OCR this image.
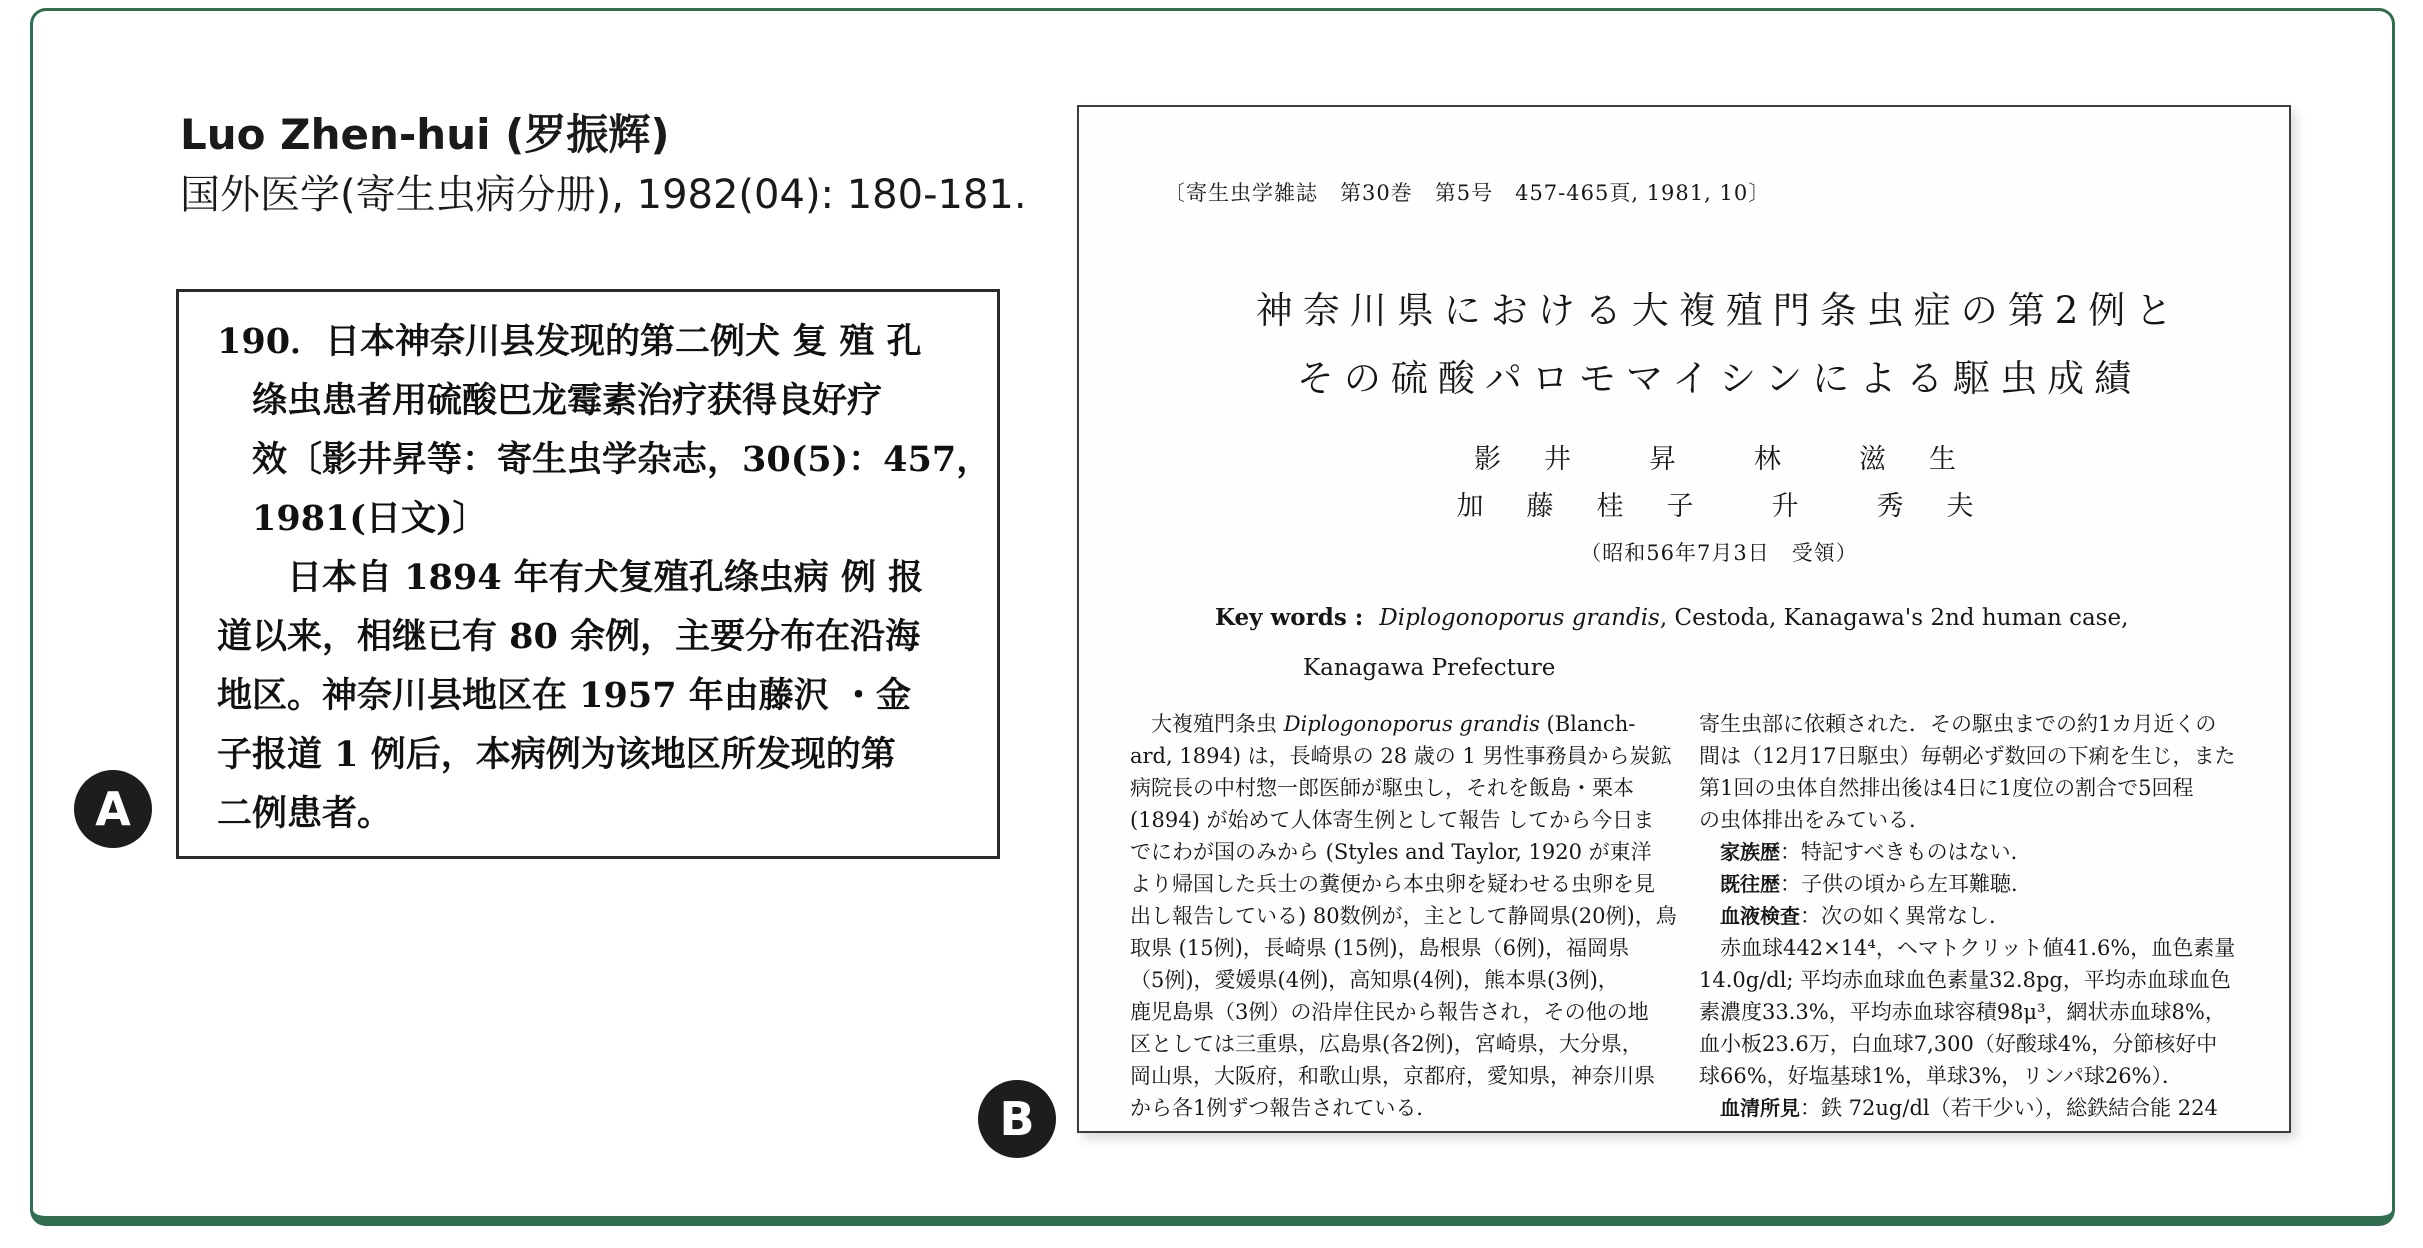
Luo Zhen-hui (罗振辉)
国外医学(寄生虫病分册), 1982(04): 180-181.
190．日本神奈川县发现的第二例犬 复 殖 孔
　绦虫患者用硫酸巴龙霉素治疗获得良好疗
　效〔影井昇等：寄生虫学杂志，30(5)：457，
　1981(日文)〕
　　日本自 1894 年有犬复殖孔绦虫病 例 报
道以来，相继已有 80 余例，主要分布在沿海
地区。神奈川县地区在 1957 年由藤沢 ・金
子报道 1 例后，本病例为该地区所发现的第
二例患者。
A
〔寄生虫学雑誌　第30巻　第5号　457-465頁, 1981, 10〕
神奈川県における大複殖門条虫症の第2例と
その硫酸パロモマイシンによる駆虫成績
影　井　　昇　　林　　滋　生
加　藤　桂　子　　升　　秀　夫
（昭和56年7月3日　受領）
Key words : Diplogonoporus grandis, Cestoda, Kanagawa's 2nd human case,
Kanagawa Prefecture
　大複殖門条虫 Diplogonoporus grandis (Blanch-
ard, 1894) は，長崎県の 28 歳の 1 男性事務員から炭鉱
病院長の中村惣一郎医師が駆虫し，それを飯島・栗本
(1894) が始めて人体寄生例として報告 してから今日ま
でにわが国のみから (Styles and Taylor, 1920 が東洋
より帰国した兵士の糞便から本虫卵を疑わせる虫卵を見
出し報告している) 80数例が，主として静岡県(20例)，鳥
取県 (15例)，長崎県 (15例)，島根県（6例)，福岡県
（5例)，愛媛県(4例)，高知県(4例)，熊本県(3例)，
鹿児島県（3例）の沿岸住民から報告され，その他の地
区としては三重県，広島県(各2例)，宮崎県，大分県，
岡山県，大阪府，和歌山県，京都府，愛知県，神奈川県
から各1例ずつ報告されている．
寄生虫部に依頼された．その駆虫までの約1カ月近くの
間は（12月17日駆虫）毎朝必ず数回の下痢を生じ，また
第1回の虫体自然排出後は4日に1度位の割合で5回程
の虫体排出をみている．
　家族歴：特記すべきものはない．
　既往歴：子供の頃から左耳難聴．
　血液検査：次の如く異常なし．
　赤血球442×14⁴，ヘマトクリット値41.6%，血色素量
14.0g/dl; 平均赤血球血色素量32.8pg，平均赤血球血色
素濃度33.3%，平均赤血球容積98μ³，網状赤血球8%，
血小板23.6万，白血球7,300（好酸球4%，分節核好中
球66%，好塩基球1%，単球3%，リンパ球26%）．
　血清所見：鉄 72ug/dl（若干少い），総鉄結合能 224
B
